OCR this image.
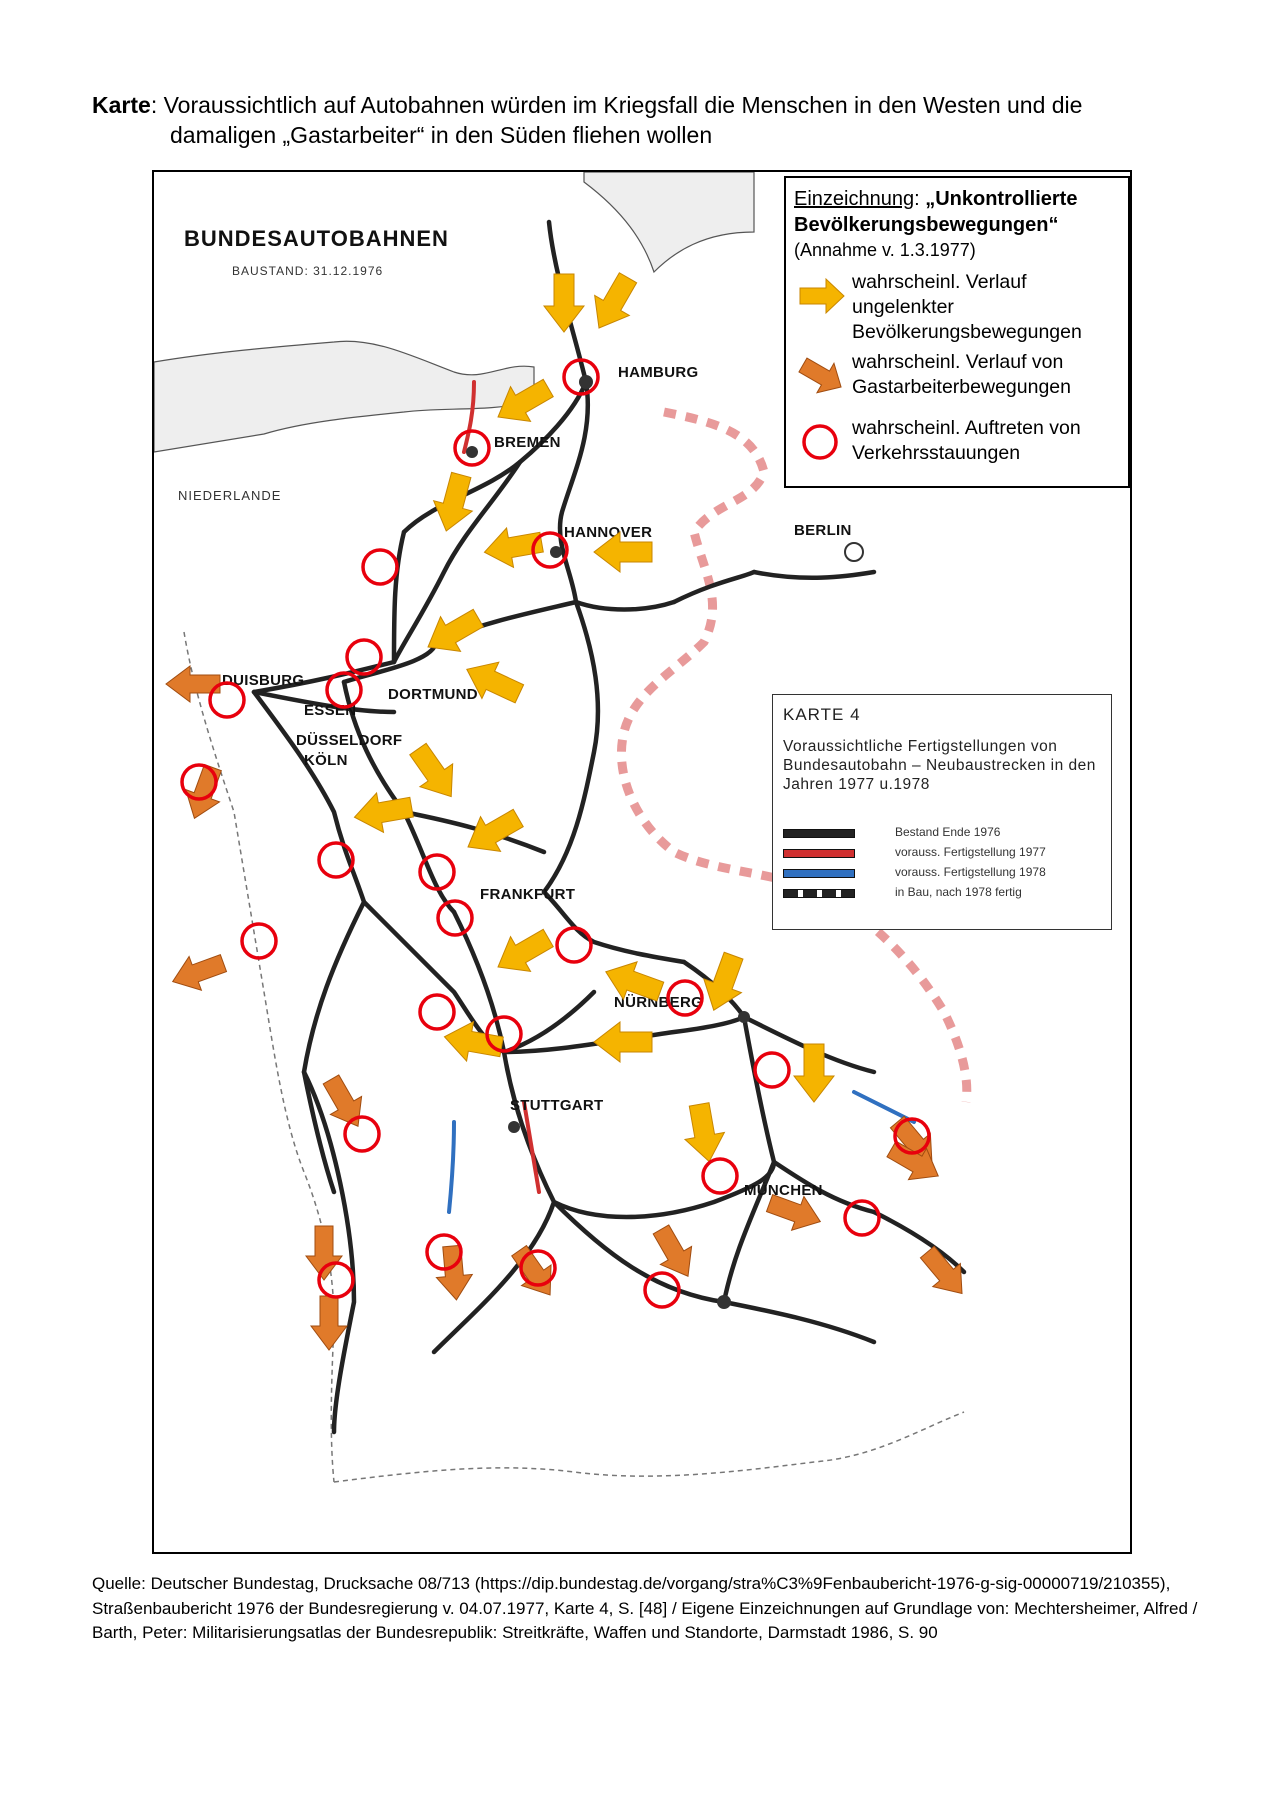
Karte: Voraussichtlich auf Autobahnen würden im Kriegsfall die Menschen in den Westen und die
damaligen „Gastarbeiter“ in den Süden fliehen wollen
BUNDESAUTOBAHNEN
BAUSTAND: 31.12.1976
NIEDERLANDE
HAMBURG
BREMEN
HANNOVER	BERLIN
DUISBURG
ESSEN
DORTMUND
DÜSSELDORF
KÖLN
FRANKFURT
NÜRNBERG
STUTTGART
MÜNCHEN
Einzeichnung: „Unkontrollierte Bevölkerungsbewegungen“
(Annahme v. 1.3.1977)
wahrscheinl. Verlauf ungelenkter Bevölkerungsbewegungen
wahrscheinl. Verlauf von Gastarbeiterbewegungen
wahrscheinl. Auftreten von Verkehrsstauungen
KARTE 4
Voraussichtliche Fertigstellungen von Bundesautobahn – Neubaustrecken in den Jahren 1977 u.1978
Bestand Ende 1976
vorauss. Fertigstellung 1977
vorauss. Fertigstellung 1978
in Bau, nach 1978 fertig
Quelle: Deutscher Bundestag, Drucksache 08/713 (https://dip.bundestag.de/vorgang/stra%C3%9Fenbaubericht-1976-g-sig-00000719/210355), Straßenbaubericht 1976 der Bundesregierung v. 04.07.1977, Karte 4, S. [48] / Eigene Einzeichnungen auf Grundlage von: Mechtersheimer, Alfred / Barth, Peter: Militarisierungsatlas der Bundesrepublik: Streitkräfte, Waffen und Standorte, Darmstadt 1986, S. 90
